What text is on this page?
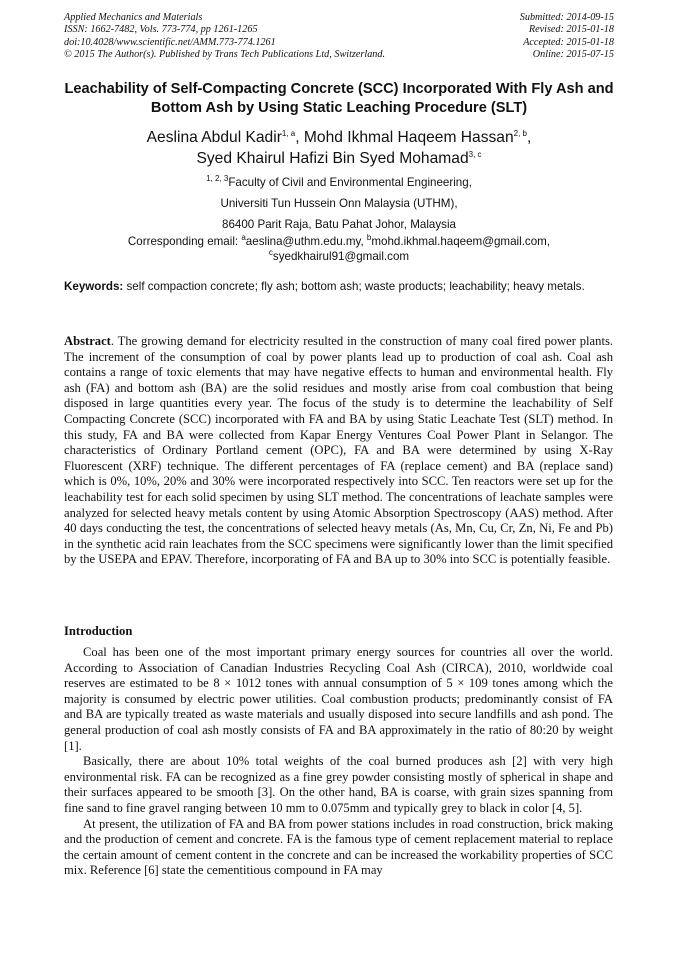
Applied Mechanics and Materials
ISSN: 1662-7482, Vols. 773-774, pp 1261-1265
doi:10.4028/www.scientific.net/AMM.773-774.1261
© 2015 The Author(s). Published by Trans Tech Publications Ltd, Switzerland.
Submitted: 2014-09-15
Revised: 2015-01-18
Accepted: 2015-01-18
Online: 2015-07-15
Leachability of Self-Compacting Concrete (SCC) Incorporated With Fly Ash and Bottom Ash by Using Static Leaching Procedure (SLT)
Aeslina Abdul Kadir$^{1, a}$, Mohd Ikhmal Haqeem Hassan$^{2, b}$,
Syed Khairul Hafizi Bin Syed Mohamad$^{3, c}$
$^{1, 2, 3}$Faculty of Civil and Environmental Engineering,
Universiti Tun Hussein Onn Malaysia (UTHM),
86400 Parit Raja, Batu Pahat Johor, Malaysia
Corresponding email: $^a$aeslina@uthm.edu.my, $^b$mohd.ikhmal.haqeem@gmail.com,
$^c$syedkhairul91@gmail.com
Keywords: self compaction concrete; fly ash; bottom ash; waste products; leachability; heavy metals.
Abstract. The growing demand for electricity resulted in the construction of many coal fired power plants. The increment of the consumption of coal by power plants lead up to production of coal ash. Coal ash contains a range of toxic elements that may have negative effects to human and environmental health. Fly ash (FA) and bottom ash (BA) are the solid residues and mostly arise from coal combustion that being disposed in large quantities every year. The focus of the study is to determine the leachability of Self Compacting Concrete (SCC) incorporated with FA and BA by using Static Leachate Test (SLT) method. In this study, FA and BA were collected from Kapar Energy Ventures Coal Power Plant in Selangor. The characteristics of Ordinary Portland cement (OPC), FA and BA were determined by using X-Ray Fluorescent (XRF) technique. The different percentages of FA (replace cement) and BA (replace sand) which is 0%, 10%, 20% and 30% were incorporated respectively into SCC. Ten reactors were set up for the leachability test for each solid specimen by using SLT method. The concentrations of leachate samples were analyzed for selected heavy metals content by using Atomic Absorption Spectroscopy (AAS) method. After 40 days conducting the test, the concentrations of selected heavy metals (As, Mn, Cu, Cr, Zn, Ni, Fe and Pb) in the synthetic acid rain leachates from the SCC specimens were significantly lower than the limit specified by the USEPA and EPAV. Therefore, incorporating of FA and BA up to 30% into SCC is potentially feasible.
Introduction

Coal has been one of the most important primary energy sources for countries all over the world. According to Association of Canadian Industries Recycling Coal Ash (CIRCA), 2010, worldwide coal reserves are estimated to be 8 × 1012 tones with annual consumption of 5 × 109 tones among which the majority is consumed by electric power utilities. Coal combustion products; predominantly consist of FA and BA are typically treated as waste materials and usually disposed into secure landfills and ash pond. The general production of coal ash mostly consists of FA and BA approximately in the ratio of 80:20 by weight [1].

Basically, there are about 10% total weights of the coal burned produces ash [2] with very high environmental risk. FA can be recognized as a fine grey powder consisting mostly of spherical in shape and their surfaces appeared to be smooth [3]. On the other hand, BA is coarse, with grain sizes spanning from fine sand to fine gravel ranging between 10 mm to 0.075mm and typically grey to black in color [4, 5].

At present, the utilization of FA and BA from power stations includes in road construction, brick making and the production of cement and concrete. FA is the famous type of cement replacement material to replace the certain amount of cement content in the concrete and can be increased the workability properties of SCC mix. Reference [6] state the cementitious compound in FA may
